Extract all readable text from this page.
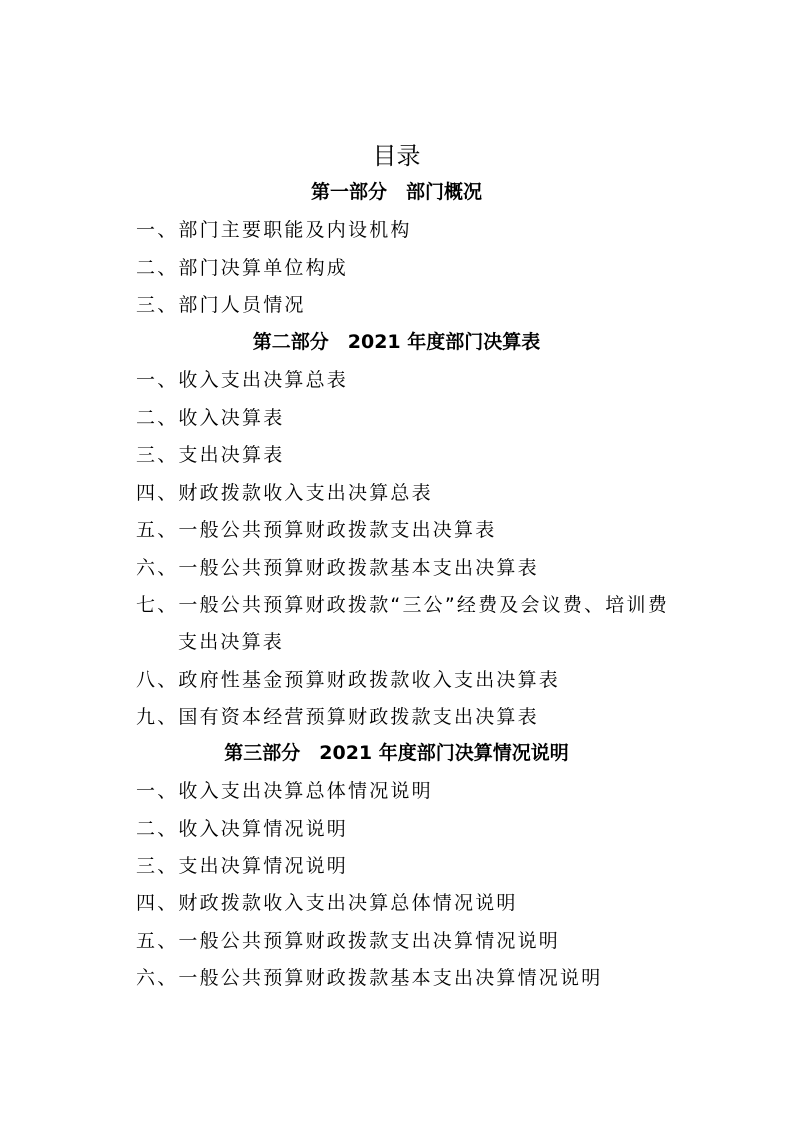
目录
第一部分　部门概况
一、部门主要职能及内设机构
二、部门决算单位构成
三、部门人员情况
第二部分　2021 年度部门决算表
一、收入支出决算总表
二、收入决算表
三、支出决算表
四、财政拨款收入支出决算总表
五、一般公共预算财政拨款支出决算表
六、一般公共预算财政拨款基本支出决算表
七、一般公共预算财政拨款“三公”经费及会议费、培训费
支出决算表
八、政府性基金预算财政拨款收入支出决算表
九、国有资本经营预算财政拨款支出决算表
第三部分　2021 年度部门决算情况说明
一、收入支出决算总体情况说明
二、收入决算情况说明
三、支出决算情况说明
四、财政拨款收入支出决算总体情况说明
五、一般公共预算财政拨款支出决算情况说明
六、一般公共预算财政拨款基本支出决算情况说明
